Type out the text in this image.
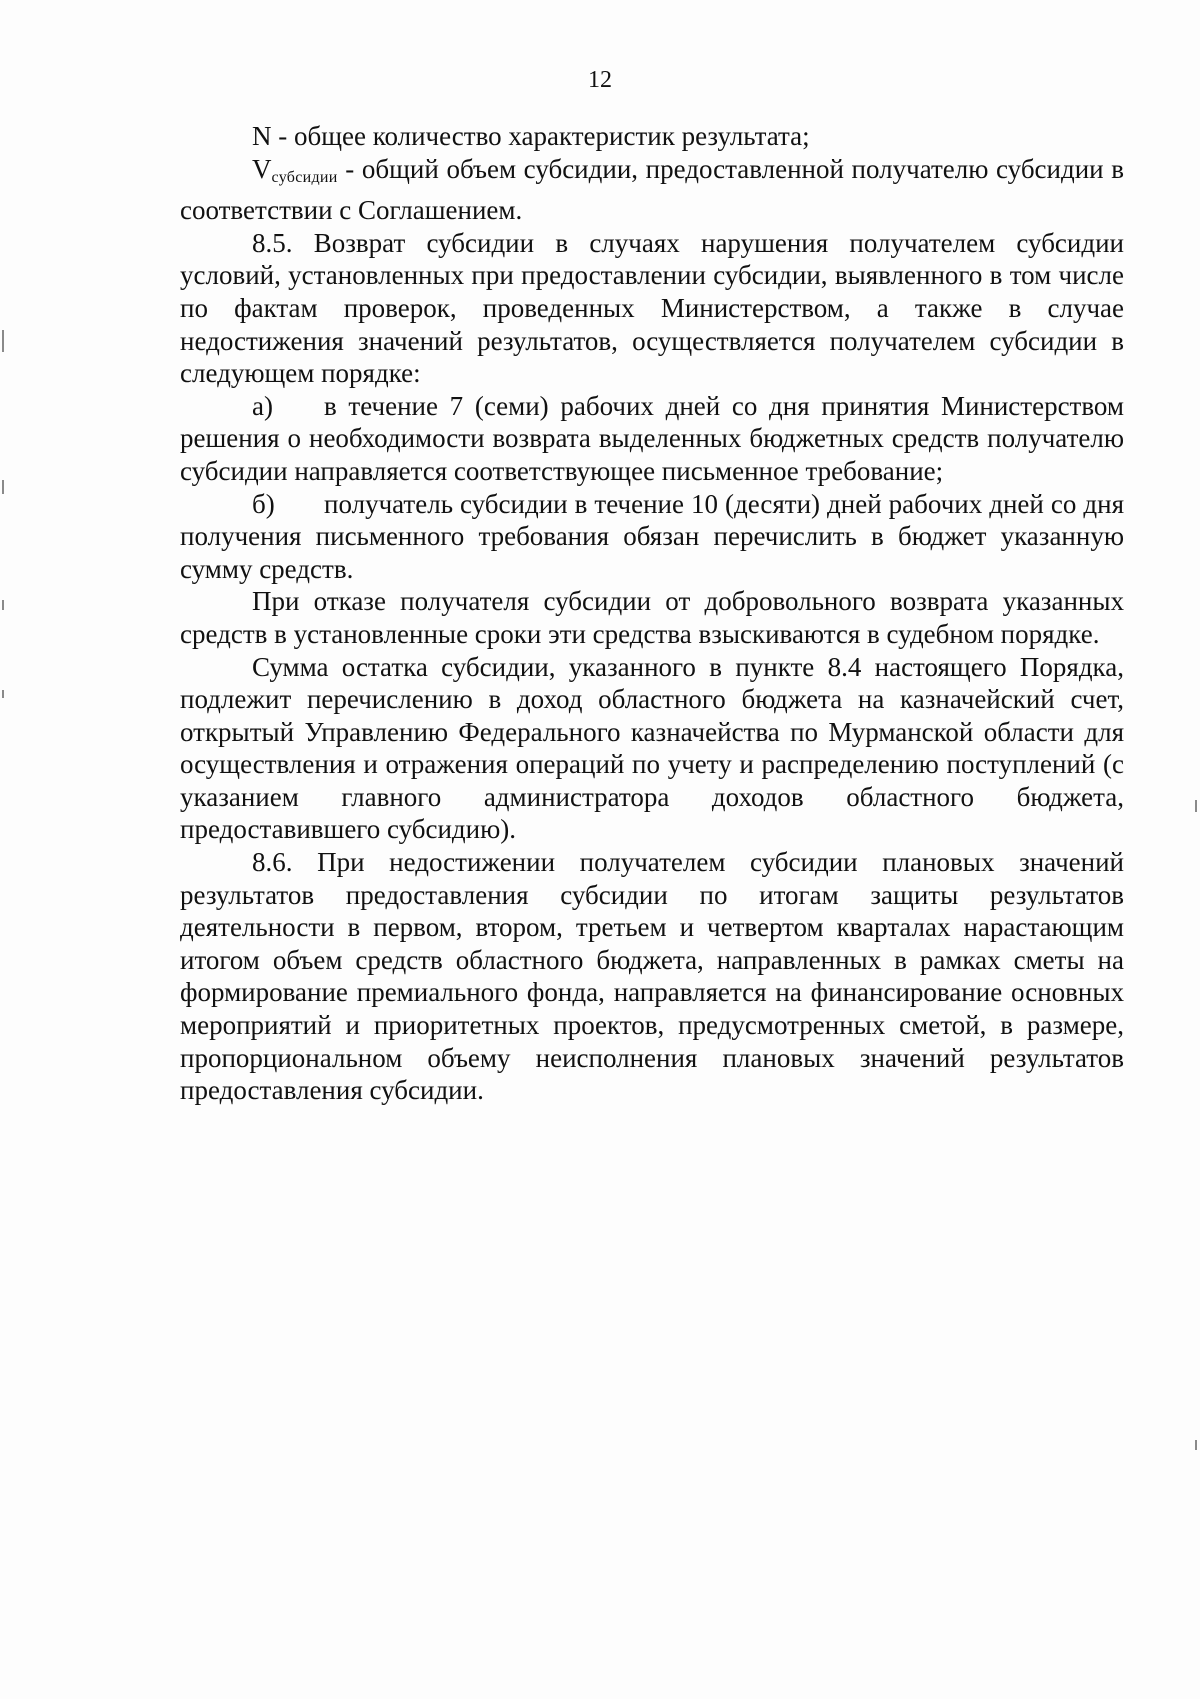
12

N - общее количество характеристик результата;

$V_{субсидии}$ - общий объем субсидии, предоставленной получателю субсидии в соответствии с Соглашением.

8.5. Возврат субсидии в случаях нарушения получателем субсидии условий, установленных при предоставлении субсидии, выявленного в том числе по фактам проверок, проведенных Министерством, а также в случае недостижения значений результатов, осуществляется получателем субсидии в следующем порядке:

а) в течение 7 (семи) рабочих дней со дня принятия Министерством решения о необходимости возврата выделенных бюджетных средств получателю субсидии направляется соответствующее письменное требование;

б) получатель субсидии в течение 10 (десяти) дней рабочих дней со дня получения письменного требования обязан перечислить в бюджет указанную сумму средств.

При отказе получателя субсидии от добровольного возврата указанных средств в установленные сроки эти средства взыскиваются в судебном порядке.

Сумма остатка субсидии, указанного в пункте 8.4 настоящего Порядка, подлежит перечислению в доход областного бюджета на казначейский счет, открытый Управлению Федерального казначейства по Мурманской области для осуществления и отражения операций по учету и распределению поступлений (с указанием главного администратора доходов областного бюджета, предоставившего субсидию).

8.6. При недостижении получателем субсидии плановых значений результатов предоставления субсидии по итогам защиты результатов деятельности в первом, втором, третьем и четвертом кварталах нарастающим итогом объем средств областного бюджета, направленных в рамках сметы на формирование премиального фонда, направляется на финансирование основных мероприятий и приоритетных проектов, предусмотренных сметой, в размере, пропорциональном объему неисполнения плановых значений результатов предоставления субсидии.
